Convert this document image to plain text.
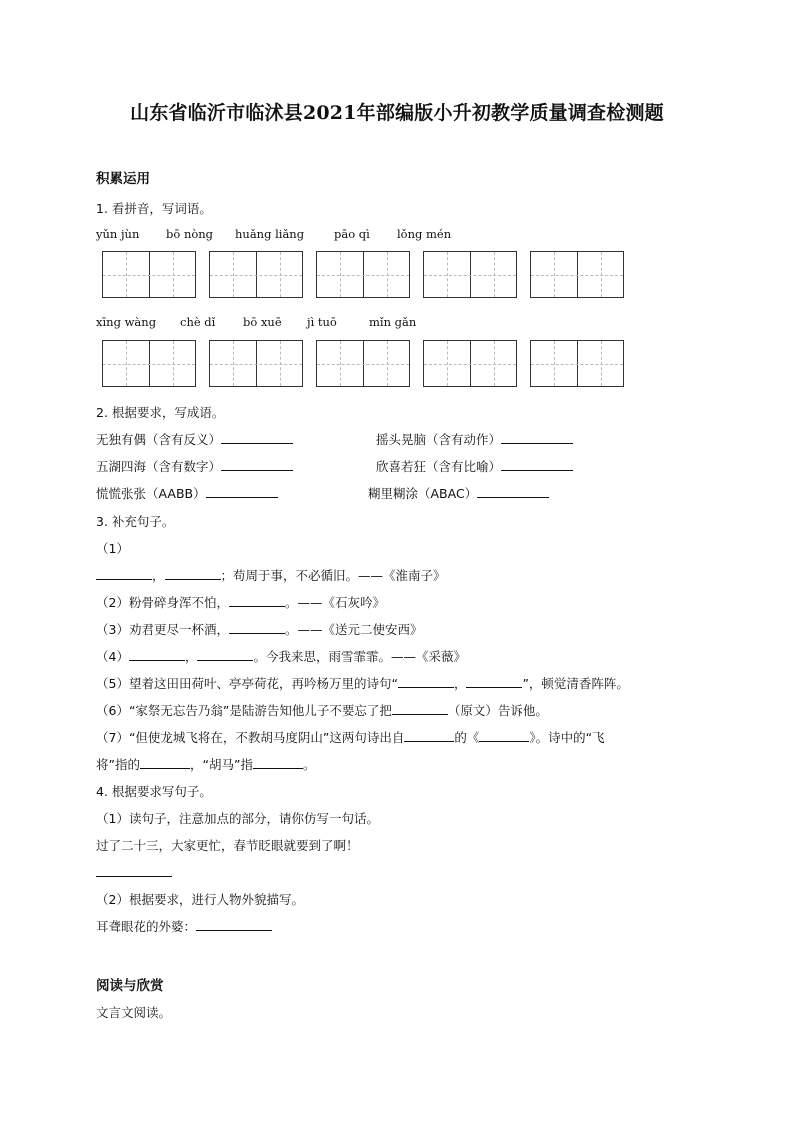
山东省临沂市临沭县2021年部编版小升初教学质量调查检测题
积累运用
1. 看拼音，写词语。
yǔn jùn bō nòng huǎng liǎng	pāo qì lǒng mén
xīng wàng chè dǐ bō xuē jì tuō	mǐn gǎn
2. 根据要求，写成语。
无独有偶（含有反义）	摇头晃脑（含有动作）
五湖四海（含有数字）	欣喜若狂（含有比喻）
慌慌张张（AABB）	糊里糊涂（ABAC）
3. 补充句子。
（1）
，	；苟周于事，不必循旧。——《淮南子》
（2）粉骨碎身浑不怕，	。——《石灰吟》
（3）劝君更尽一杯酒，	。——《送元二使安西》
（4）	，	。今我来思，雨雪霏霏。——《采薇》
（5）望着这田田荷叶、亭亭荷花，再吟杨万里的诗句“	，	”，顿觉清香阵阵。
（6）“家祭无忘告乃翁”是陆游告知他儿子不要忘了把	（原文）告诉他。
（7）“但使龙城飞将在，不教胡马度阴山”这两句诗出自	的《	》。诗中的“飞
将”指的	，“胡马”指	。
4. 根据要求写句子。
（1）读句子，注意加点的部分，请你仿写一句话。
过了二十三，大家更忙，春节眨眼就要到了啊！
（2）根据要求，进行人物外貌描写。
耳聋眼花的外婆：
阅读与欣赏
文言文阅读。
